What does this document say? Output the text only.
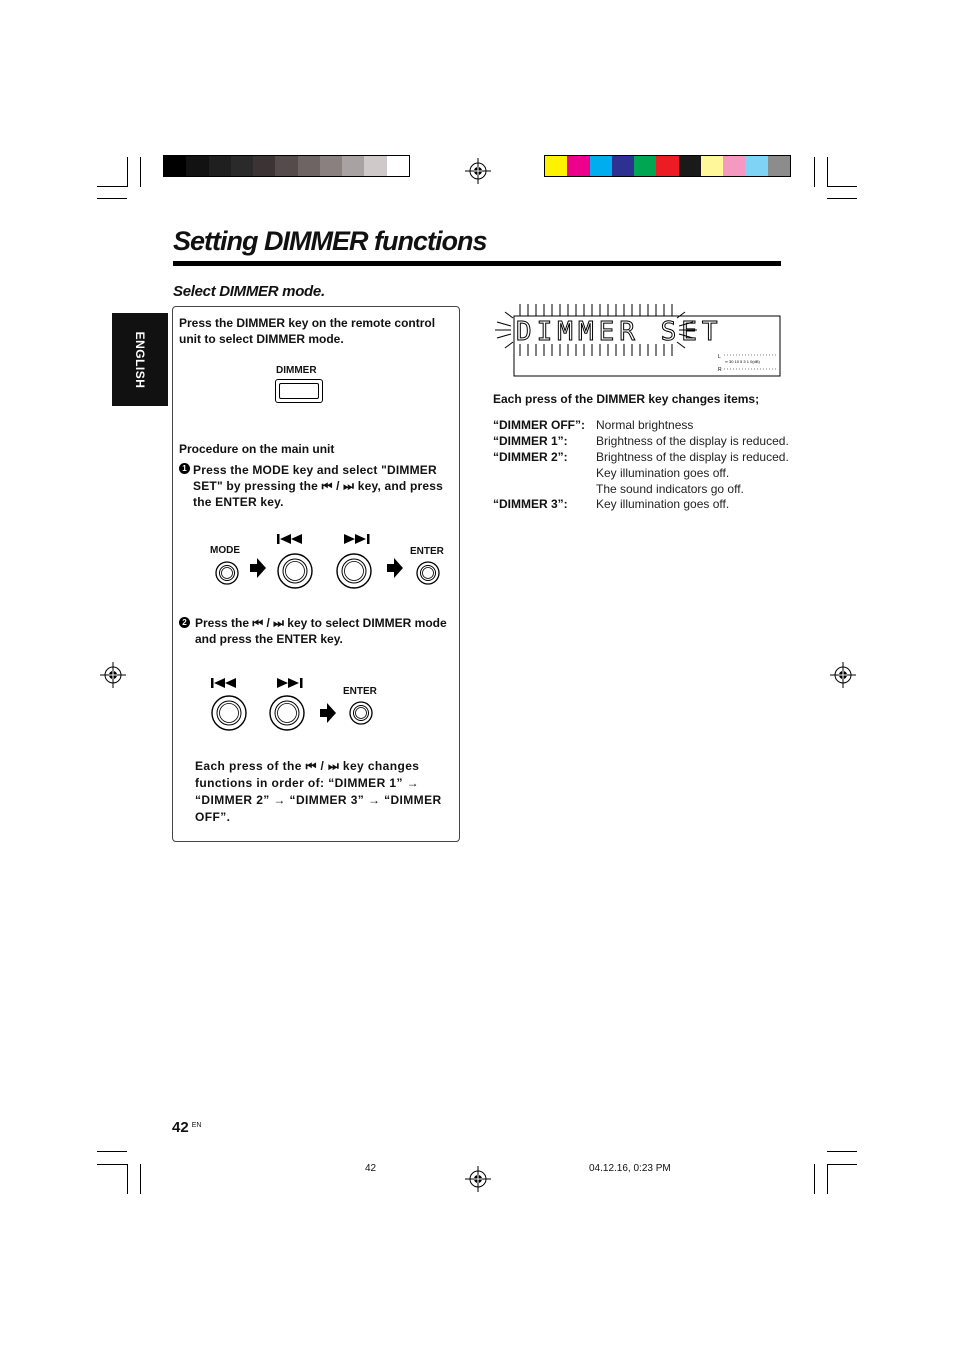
Setting DIMMER functions
Select DIMMER mode.
ENGLISH
Press the DIMMER key on the remote control unit to select DIMMER mode.
DIMMER
Procedure on the main unit
1 Press the MODE key and select "DIMMER SET" by pressing the ⏮ / ⏭ key, and press the ENTER key.
MODE	ENTER
2 Press the ⏮ / ⏭ key to select DIMMER mode and press the ENTER key.
ENTER
Each press of the ⏮ / ⏭ key changes functions in order of: “DIMMER 1” → “DIMMER 2” → “DIMMER 3” → “DIMMER OFF”.
DIMMER SET
L
R
∞ 30 10 5 3 1 0(dB)
Each press of the DIMMER key changes items;
“DIMMER OFF”: Normal brightness
“DIMMER 1”: Brightness of the display is reduced.
“DIMMER 2”: Brightness of the display is reduced.
Key illumination goes off.
The sound indicators go off.
“DIMMER 3”: Key illumination goes off.
42 $^{EN}$
42	04.12.16, 0:23 PM
